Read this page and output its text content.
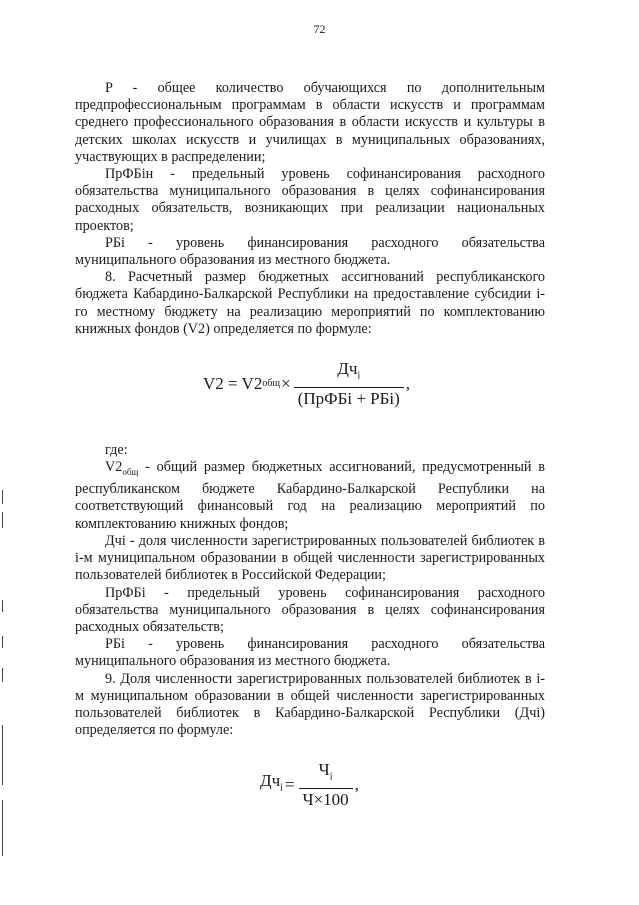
72

P - общее количество обучающихся по дополнительным предпрофессиональным программам в области искусств и программам среднего профессионального образования в области искусств и культуры в детских школах искусств и училищах в муниципальных образованиях, участвующих в распределении;

ПрФБiн - предельный уровень софинансирования расходного обязательства муниципального образования в целях софинансирования расходных обязательств, возникающих при реализации национальных проектов;

РБi - уровень финансирования расходного обязательства муниципального образования из местного бюджета.

8. Расчетный размер бюджетных ассигнований республиканского бюджета Кабардино-Балкарской Республики на предоставление субсидии i-го местному бюджету на реализацию мероприятий по комплектованию книжных фондов (V2) определяется по формуле:

V2 = V2 общ × $\frac{Дч_i}{\text{(ПрФБi + РБi)}}$ ,

где:

$V2_{общ}$ - общий размер бюджетных ассигнований, предусмотренный в республиканском бюджете Кабардино-Балкарской Республики на соответствующий финансовый год на реализацию мероприятий по комплектованию книжных фондов;

Дчi - доля численности зарегистрированных пользователей библиотек в i-м муниципальном образовании в общей численности зарегистрированных пользователей библиотек в Российской Федерации;

ПрФБi - предельный уровень софинансирования расходного обязательства муниципального образования в целях софинансирования расходных обязательств;

РБi - уровень финансирования расходного обязательства муниципального образования из местного бюджета.

9. Доля численности зарегистрированных пользователей библиотек в i-м муниципальном образовании в общей численности зарегистрированных пользователей библиотек в Кабардино-Балкарской Республики (Дчi) определяется по формуле:

$Дч_i = \frac{Ч_i}{Ч\times 100}$ ,
